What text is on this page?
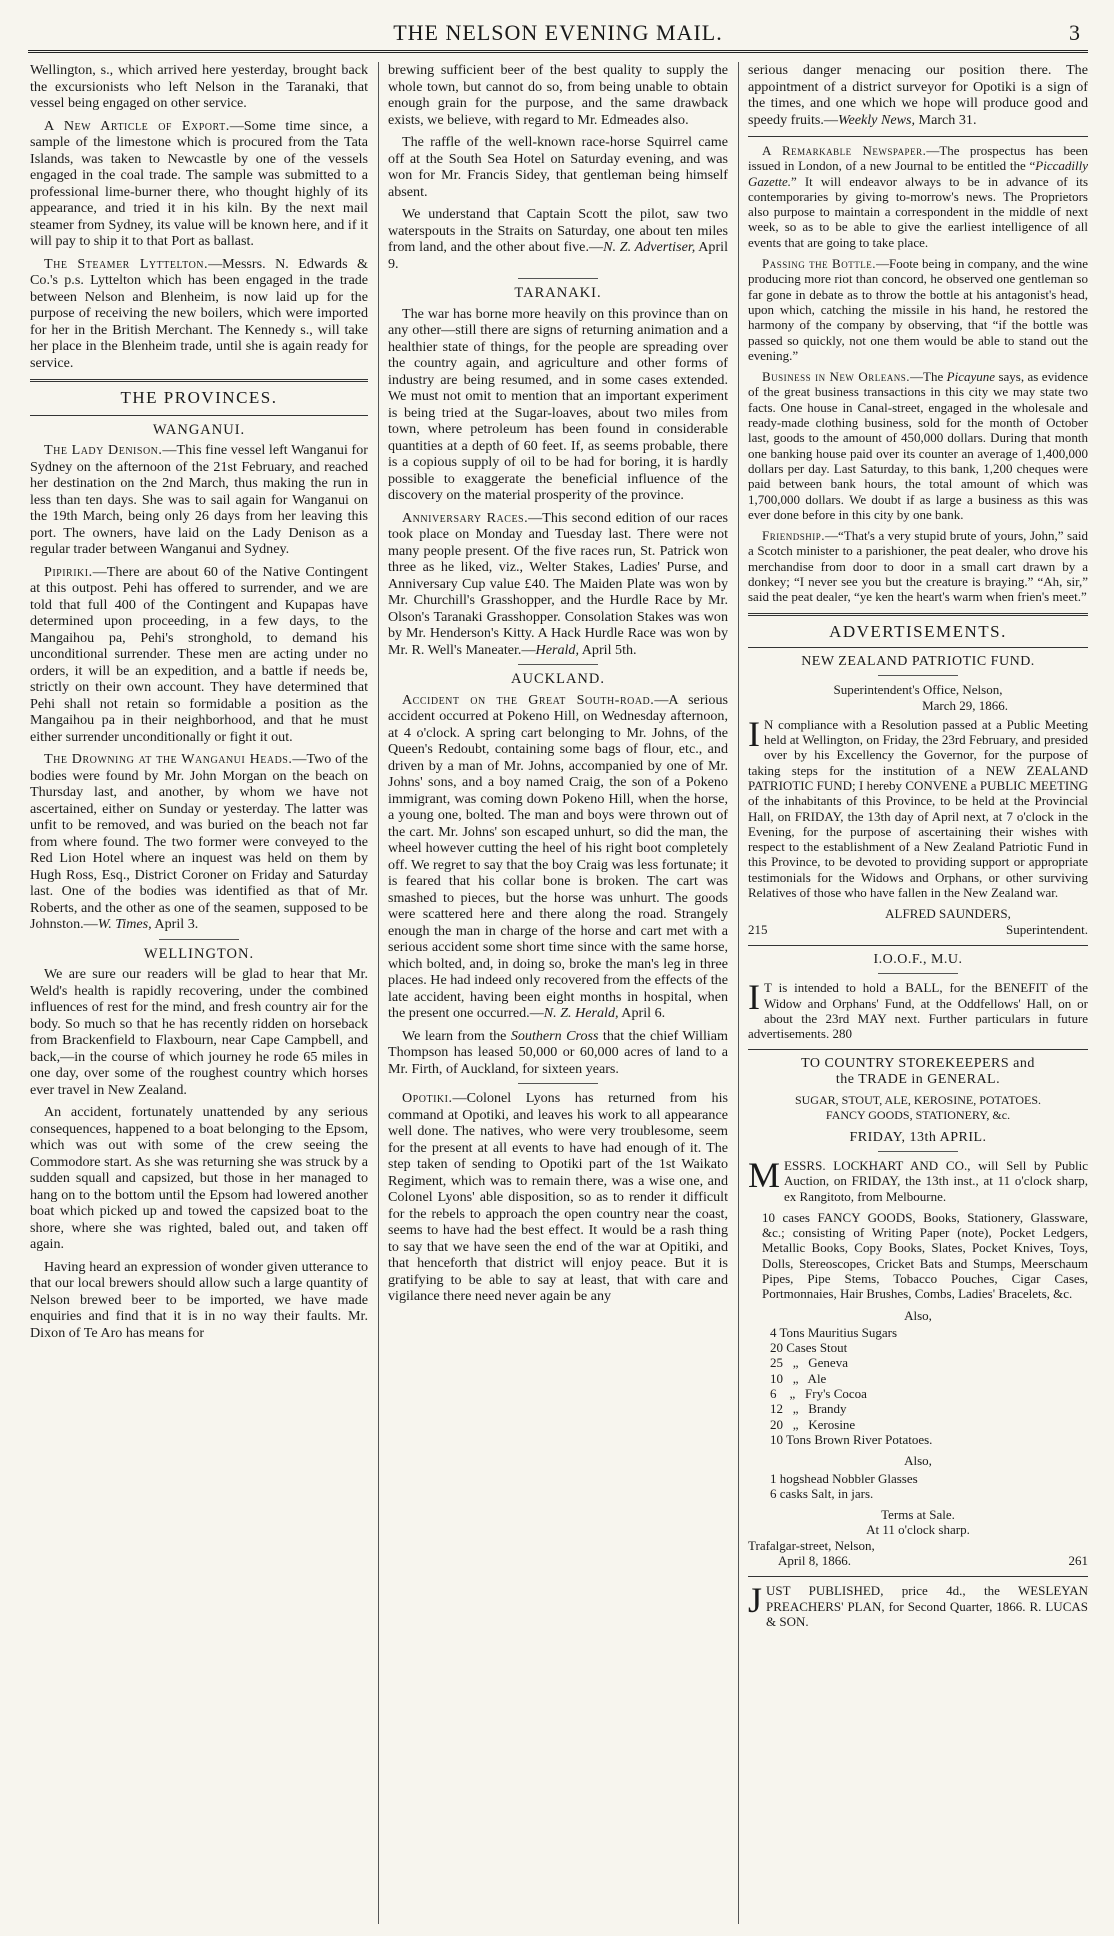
THE NELSON EVENING MAIL.	3

Wellington, s., which arrived here yesterday, brought back the excursionists who left Nelson in the Taranaki, that vessel being engaged on other service.

A New Article of Export.—Some time since, a sample of the limestone which is procured from the Tata Islands, was taken to Newcastle by one of the vessels engaged in the coal trade. The sample was submitted to a professional lime-burner there, who thought highly of its appearance, and tried it in his kiln. By the next mail steamer from Sydney, its value will be known here, and if it will pay to ship it to that Port as ballast.

The Steamer Lyttelton.—Messrs. N. Edwards & Co.'s p.s. Lyttelton which has been engaged in the trade between Nelson and Blenheim, is now laid up for the purpose of receiving the new boilers, which were imported for her in the British Merchant. The Kennedy s., will take her place in the Blenheim trade, until she is again ready for service.

THE PROVINCES.
WANGANUI.

The Lady Denison.—This fine vessel left Wanganui for Sydney on the afternoon of the 21st February, and reached her destination on the 2nd March, thus making the run in less than ten days. She was to sail again for Wanganui on the 19th March, being only 26 days from her leaving this port. The owners, have laid on the Lady Denison as a regular trader between Wanganui and Sydney.

Pipiriki.—There are about 60 of the Native Contingent at this outpost. Pehi has offered to surrender, and we are told that full 400 of the Contingent and Kupapas have determined upon proceeding, in a few days, to the Mangaihou pa, Pehi's stronghold, to demand his unconditional surrender. These men are acting under no orders, it will be an expedition, and a battle if needs be, strictly on their own account. They have determined that Pehi shall not retain so formidable a position as the Mangaihou pa in their neighborhood, and that he must either surrender unconditionally or fight it out.

The Drowning at the Wanganui Heads.—Two of the bodies were found by Mr. John Morgan on the beach on Thursday last, and another, by whom we have not ascertained, either on Sunday or yesterday. The latter was unfit to be removed, and was buried on the beach not far from where found. The two former were conveyed to the Red Lion Hotel where an inquest was held on them by Hugh Ross, Esq., District Coroner on Friday and Saturday last. One of the bodies was identified as that of Mr. Roberts, and the other as one of the seamen, supposed to be Johnston.—W. Times, April 3.

WELLINGTON.

We are sure our readers will be glad to hear that Mr. Weld's health is rapidly recovering, under the combined influences of rest for the mind, and fresh country air for the body. So much so that he has recently ridden on horseback from Brackenfield to Flaxbourn, near Cape Campbell, and back,—in the course of which journey he rode 65 miles in one day, over some of the roughest country which horses ever travel in New Zealand.

An accident, fortunately unattended by any serious consequences, happened to a boat belonging to the Epsom, which was out with some of the crew seeing the Commodore start. As she was returning she was struck by a sudden squall and capsized, but those in her managed to hang on to the bottom until the Epsom had lowered another boat which picked up and towed the capsized boat to the shore, where she was righted, baled out, and taken off again.

Having heard an expression of wonder given utterance to that our local brewers should allow such a large quantity of Nelson brewed beer to be imported, we have made enquiries and find that it is in no way their faults. Mr. Dixon of Te Aro has means for

brewing sufficient beer of the best quality to supply the whole town, but cannot do so, from being unable to obtain enough grain for the purpose, and the same drawback exists, we believe, with regard to Mr. Edmeades also.

The raffle of the well-known race-horse Squirrel came off at the South Sea Hotel on Saturday evening, and was won for Mr. Francis Sidey, that gentleman being himself absent.

We understand that Captain Scott the pilot, saw two waterspouts in the Straits on Saturday, one about ten miles from land, and the other about five.—N. Z. Advertiser, April 9.

TARANAKI.

The war has borne more heavily on this province than on any other—still there are signs of returning animation and a healthier state of things, for the people are spreading over the country again, and agriculture and other forms of industry are being resumed, and in some cases extended. We must not omit to mention that an important experiment is being tried at the Sugar-loaves, about two miles from town, where petroleum has been found in considerable quantities at a depth of 60 feet. If, as seems probable, there is a copious supply of oil to be had for boring, it is hardly possible to exaggerate the beneficial influence of the discovery on the material prosperity of the province.

Anniversary Races.—This second edition of our races took place on Monday and Tuesday last. There were not many people present. Of the five races run, St. Patrick won three as he liked, viz., Welter Stakes, Ladies' Purse, and Anniversary Cup value £40. The Maiden Plate was won by Mr. Churchill's Grasshopper, and the Hurdle Race by Mr. Olson's Taranaki Grasshopper. Consolation Stakes was won by Mr. Henderson's Kitty. A Hack Hurdle Race was won by Mr. R. Well's Maneater.—Herald, April 5th.

AUCKLAND.

Accident on the Great South-road.—A serious accident occurred at Pokeno Hill, on Wednesday afternoon, at 4 o'clock. A spring cart belonging to Mr. Johns, of the Queen's Redoubt, containing some bags of flour, etc., and driven by a man of Mr. Johns, accompanied by one of Mr. Johns' sons, and a boy named Craig, the son of a Pokeno immigrant, was coming down Pokeno Hill, when the horse, a young one, bolted. The man and boys were thrown out of the cart. Mr. Johns' son escaped unhurt, so did the man, the wheel however cutting the heel of his right boot completely off. We regret to say that the boy Craig was less fortunate; it is feared that his collar bone is broken. The cart was smashed to pieces, but the horse was unhurt. The goods were scattered here and there along the road. Strangely enough the man in charge of the horse and cart met with a serious accident some short time since with the same horse, which bolted, and, in doing so, broke the man's leg in three places. He had indeed only recovered from the effects of the late accident, having been eight months in hospital, when the present one occurred.—N. Z. Herald, April 6.

We learn from the Southern Cross that the chief William Thompson has leased 50,000 or 60,000 acres of land to a Mr. Firth, of Auckland, for sixteen years.

Opotiki.—Colonel Lyons has returned from his command at Opotiki, and leaves his work to all appearance well done. The natives, who were very troublesome, seem for the present at all events to have had enough of it. The step taken of sending to Opotiki part of the 1st Waikato Regiment, which was to remain there, was a wise one, and Colonel Lyons' able disposition, so as to render it difficult for the rebels to approach the open country near the coast, seems to have had the best effect. It would be a rash thing to say that we have seen the end of the war at Opitiki, and that henceforth that district will enjoy peace. But it is gratifying to be able to say at least, that with care and vigilance there need never again be any

serious danger menacing our position there. The appointment of a district surveyor for Opotiki is a sign of the times, and one which we hope will produce good and speedy fruits.—Weekly News, March 31.

A Remarkable Newspaper.—The prospectus has been issued in London, of a new Journal to be entitled the “Piccadilly Gazette.” It will endeavor always to be in advance of its contemporaries by giving to-morrow's news. The Proprietors also purpose to maintain a correspondent in the middle of next week, so as to be able to give the earliest intelligence of all events that are going to take place.

Passing the Bottle.—Foote being in company, and the wine producing more riot than concord, he observed one gentleman so far gone in debate as to throw the bottle at his antagonist's head, upon which, catching the missile in his hand, he restored the harmony of the company by observing, that “if the bottle was passed so quickly, not one them would be able to stand out the evening.”

Business in New Orleans.—The Picayune says, as evidence of the great business transactions in this city we may state two facts. One house in Canal-street, engaged in the wholesale and ready-made clothing business, sold for the month of October last, goods to the amount of 450,000 dollars. During that month one banking house paid over its counter an average of 1,400,000 dollars per day. Last Saturday, to this bank, 1,200 cheques were paid between bank hours, the total amount of which was 1,700,000 dollars. We doubt if as large a business as this was ever done before in this city by one bank.

Friendship.—“That's a very stupid brute of yours, John,” said a Scotch minister to a parishioner, the peat dealer, who drove his merchandise from door to door in a small cart drawn by a donkey; “I never see you but the creature is braying.” “Ah, sir,” said the peat dealer, “ye ken the heart's warm when frien's meet.”

ADVERTISEMENTS.
NEW ZEALAND PATRIOTIC FUND.
Superintendent's Office, Nelson,
March 29, 1866.

I N compliance with a Resolution passed at a Public Meeting held at Wellington, on Friday, the 23rd February, and presided over by his Excellency the Governor, for the purpose of taking steps for the institution of a NEW ZEALAND PATRIOTIC FUND; I hereby CONVENE a PUBLIC MEETING of the inhabitants of this Province, to be held at the Provincial Hall, on FRIDAY, the 13th day of April next, at 7 o'clock in the Evening, for the purpose of ascertaining their wishes with respect to the establishment of a New Zealand Patriotic Fund in this Province, to be devoted to providing support or appropriate testimonials for the Widows and Orphans, or other surviving Relatives of those who have fallen in the New Zealand war.

ALFRED SAUNDERS,
215	Superintendent.
I.O.O.F., M.U.

I T is intended to hold a BALL, for the BENEFIT of the Widow and Orphans' Fund, at the Oddfellows' Hall, on or about the 23rd MAY next. Further particulars in future advertisements. 280

TO COUNTRY STOREKEEPERS and
the TRADE in GENERAL.
SUGAR, STOUT, ALE, KEROSINE, POTATOES.
FANCY GOODS, STATIONERY, &c.
FRIDAY, 13th APRIL.

MESSRS. LOCKHART AND CO., will Sell by Public Auction, on FRIDAY, the 13th inst., at 11 o'clock sharp, ex Rangitoto, from Melbourne.

10 cases FANCY GOODS, Books, Stationery, Glassware, &c.; consisting of Writing Paper (note), Pocket Ledgers, Metallic Books, Copy Books, Slates, Pocket Knives, Toys, Dolls, Stereoscopes, Cricket Bats and Stumps, Meerschaum Pipes, Pipe Stems, Tobacco Pouches, Cigar Cases, Portmonnaies, Hair Brushes, Combs, Ladies' Bracelets, &c.

Also,
4 Tons Mauritius Sugars
20 Cases Stout
25   „   Geneva
10   „   Ale
6    „   Fry's Cocoa
12   „   Brandy
20   „   Kerosine
10 Tons Brown River Potatoes.
Also,
1 hogshead Nobbler Glasses
6 casks Salt, in jars.
Terms at Sale.
At 11 o'clock sharp.
Trafalgar-street, Nelson,
April 8, 1866.	261

JUST PUBLISHED, price 4d., the WESLEYAN PREACHERS' PLAN, for Second Quarter, 1866. R. LUCAS & SON.
